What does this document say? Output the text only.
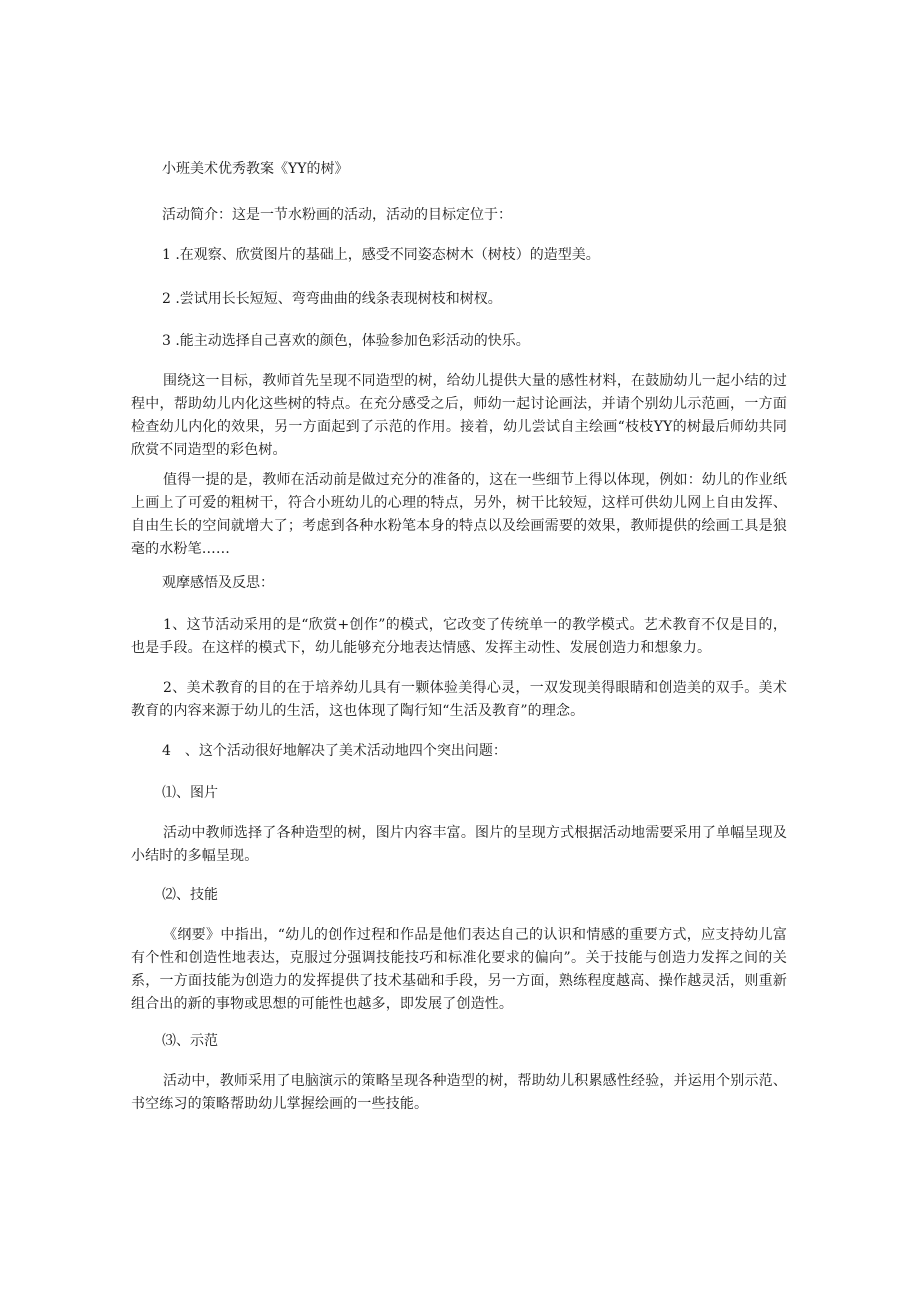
小班美术优秀教案《YY的树》

活动简介：这是一节水粉画的活动，活动的目标定位于：

1 .在观察、欣赏图片的基础上，感受不同姿态树木（树枝）的造型美。

2 .尝试用长长短短、弯弯曲曲的线条表现树枝和树杈。

3 .能主动选择自己喜欢的颜色，体验参加色彩活动的快乐。

围绕这一目标，教师首先呈现不同造型的树，给幼儿提供大量的感性材料，在鼓励幼儿一起小结的过程中，帮助幼儿内化这些树的特点。在充分感受之后，师幼一起讨论画法，并请个别幼儿示范画，一方面检查幼儿内化的效果，另一方面起到了示范的作用。接着，幼儿尝试自主绘画“枝枝YY的树最后师幼共同欣赏不同造型的彩色树。

值得一提的是，教师在活动前是做过充分的准备的，这在一些细节上得以体现，例如：幼儿的作业纸上画上了可爱的粗树干，符合小班幼儿的心理的特点，另外，树干比较短，这样可供幼儿网上自由发挥、自由生长的空间就增大了；考虑到各种水粉笔本身的特点以及绘画需要的效果，教师提供的绘画工具是狼毫的水粉笔……

观摩感悟及反思：

1、这节活动采用的是“欣赏+创作”的模式，它改变了传统单一的教学模式。艺术教育不仅是目的，也是手段。在这样的模式下，幼儿能够充分地表达情感、发挥主动性、发展创造力和想象力。

2、美术教育的目的在于培养幼儿具有一颗体验美得心灵，一双发现美得眼睛和创造美的双手。美术教育的内容来源于幼儿的生活，这也体现了陶行知“生活及教育”的理念。

4　、这个活动很好地解决了美术活动地四个突出问题：

⑴、图片

活动中教师选择了各种造型的树，图片内容丰富。图片的呈现方式根据活动地需要采用了单幅呈现及小结时的多幅呈现。

⑵、技能

《纲要》中指出，“幼儿的创作过程和作品是他们表达自己的认识和情感的重要方式，应支持幼儿富有个性和创造性地表达，克服过分强调技能技巧和标准化要求的偏向”。关于技能与创造力发挥之间的关系，一方面技能为创造力的发挥提供了技术基础和手段，另一方面，熟练程度越高、操作越灵活，则重新组合出的新的事物或思想的可能性也越多，即发展了创造性。

⑶、示范

活动中，教师采用了电脑演示的策略呈现各种造型的树，帮助幼儿积累感性经验，并运用个别示范、书空练习的策略帮助幼儿掌握绘画的一些技能。
